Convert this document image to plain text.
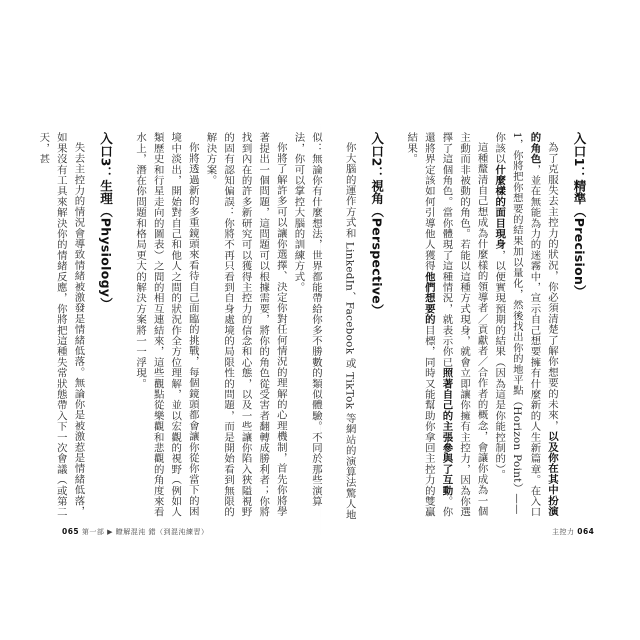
入口1：精準（Precision）

為了克服失去主控力的狀況，你必須清楚了解你想要的未來，以及你在其中扮演的角色，並在無能為力的迷霧中，宣示自己想要擁有什麼新的人生新篇章。在入口1，你將把你想要的結果加以量化，然後找出你的地平點（Horizon Point）——你該以什麼樣的面目現身，以便實現預期的結果（因為這是你能控制的）。

這種釐清自己想成為什麼樣的領導者／貢獻者／合作者的概念，會讓你成為一個主動而非被動的角色。若能以這種方式現身，就會立即讓你擁有主控力，因為你選擇了這個角色。當你體現了這種情況，就表示你已照著自己的主張參與了互動。你還將界定該如何引導他人獲得他們想要的目標，同時又能幫助你拿回主控力的雙贏結果。

入口2：視角（Perspective）

你大腦的運作方式和 LinkedIn、Facebook 或 TikTok 等網站的演算法驚人地

似：無論你有什麼想法，世界都能帶給你多不勝數的類似體驗。不同於那些演算法，你可以掌控大腦的訓練方式。

你將了解許多可以讓你選擇、決定你對任何情況的理解的心理機制，首先你將學著提出一個問題，這問題可以根據需要，將你的角色從受害者翻轉成勝利者；你將找到內在的許多新研究可以獲得主控力的信念和心態，以及一些讓你陷入狹隘視野的固有認知偏誤：你將不再只看到自身處境的局限性的問題，而是開始看到無限的解決方案。

你將透過新的多重鏡頭來看待自己面臨的挑戰，每個鏡頭都會讓你從你當下的困境中淡出，開始對自己和他人之間的狀況作全方位理解，並以宏觀的視野（例如人類歷史和行星走向的圖表）之間的相互連結來，這些觀點從樂觀和悲觀的角度來看水上，潛在你問題和格局更大的解決方案將一一浮現。

入口3：生理（Physiology）

失去主控力的情況會導致情緒被激發是情緒低落。無論你是被激惹是情緒低落，如果沒有工具來解決你的情緒反應，你將把這種失常狀態帶入下一次會議（或第二天，甚

065 第一部 ▶ 瞭解混沌 錯（到混沌練習）	主控力 064
